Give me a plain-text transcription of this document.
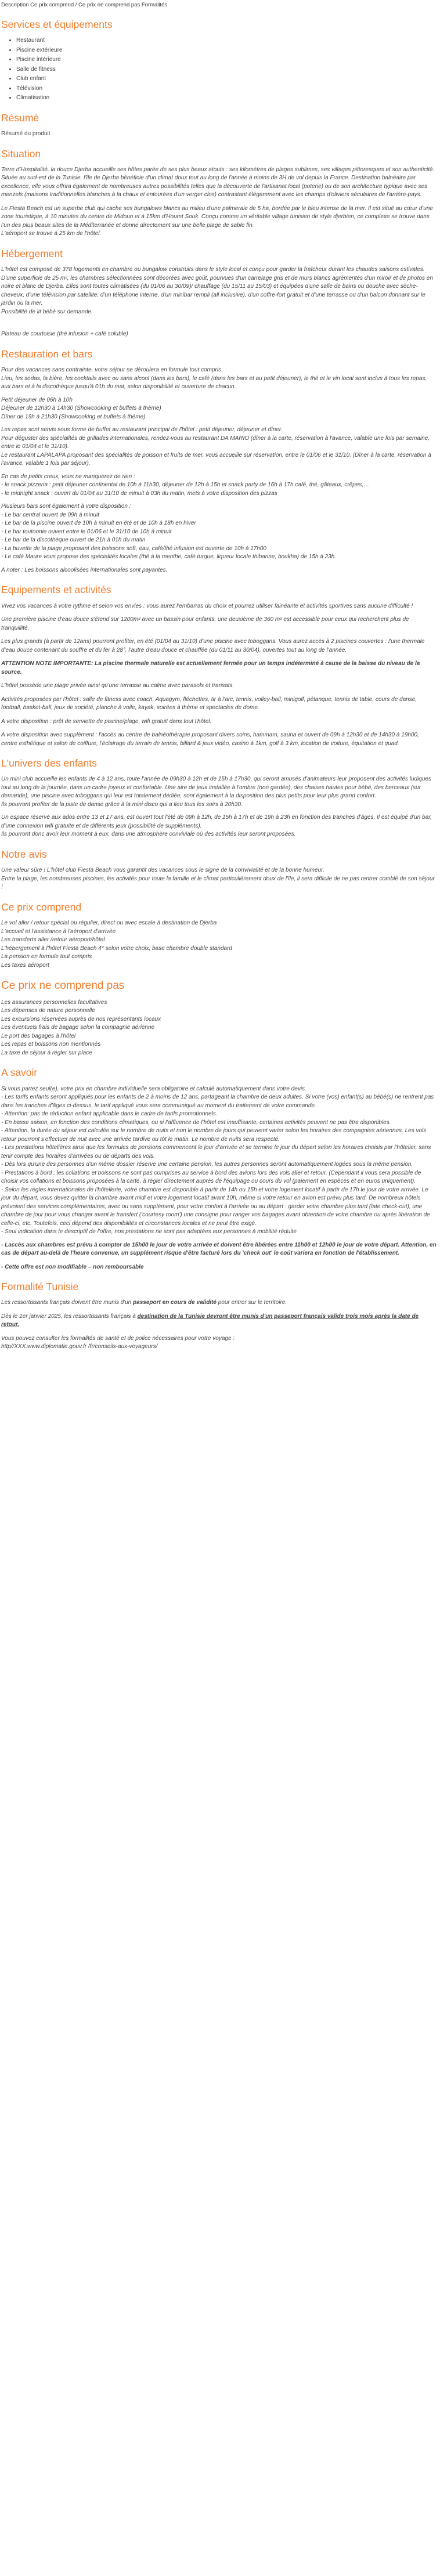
Description Ce prix comprend / Ce prix ne comprend pas Formalités

Services et équipements
• Restaurant
• Piscine extérieure
• Piscine intérieure
• Salle de fitness
• Club enfant
• Télévision
• Climatisation
Résumé

Résumé du produit

Situation

Terre d'Hospitalité, la douce Djerba accueille ses hôtes parée de ses plus beaux atouts : ses kilomètres de plages sublimes, ses villages pittoresques et son authenticité. Située au sud-est de la Tunisie, l'île de Djerba bénéficie d'un climat doux tout au long de l'année à moins de 3H de vol depuis la France. Destination balnéaire par excellence, elle vous offrira également de nombreuses autres possibilités telles que la découverte de l'artisanat local (poterie) ou de son architecture typique avec ses menzels (maisons traditionnelles blanches à la chaux et entourées d'un verger clos) contrastant élégamment avec les champs d'oliviers séculaires de l'arrière-pays.

Le Fiesta Beach est un superbe club qui cache ses bungalows blancs au milieu d'une palmeraie de 5 ha, bordée par le bleu intense de la mer. Il est situé au cœur d'une zone touristique, à 10 minutes du centre de Midoun et à 15km d'Houmt Souk. Conçu comme un véritable village tunisien de style djerbien, ce complexe se trouve dans l'un des plus beaux sites de la Méditerranée et donne directement sur une belle plage de sable fin.
L'aéroport se trouve à 25 km de l'hôtel.

Hébergement

L'hôtel est composé de 378 logements en chambre ou bungalow construits dans le style local et conçu pour garder la fraîcheur durant les chaudes saisons estivales. D'une superficie de 25 m², les chambres sélectionnées sont décorées avec goût, pourvues d'un carrelage gris et de murs blancs agrémentés d'un miroir et de photos en noire et blanc de Djerba. Elles sont toutes climatisées (du 01/06 au 30/09)/ chauffage (du 15/11 au 15/03) et équipées d'une salle de bains ou douche avec sèche-cheveux, d'une télévision par satellite, d'un téléphone interne, d'un minibar rempli (all inclusive), d'un coffre-fort gratuit et d'une terrasse ou d'un balcon donnant sur le jardin ou la mer.
Possibilité de lit bébé sur demande.

Plateau de courtoisie (thé infusion + café soluble)

Restauration et bars

Pour des vacances sans contrainte, votre séjour se déroulera en formule tout compris.
Lieu, les sodas, la bière, les cocktails avec ou sans alcool (dans les bars), le café (dans les bars et au petit déjeuner), le thé et le vin local sont inclus à tous les repas, aux bars et à la discothèque jusqu'à 01h du mat, selon disponibilité et ouverture de chacun.

Petit déjeuner de 06h à 10h
Déjeuner de 12h30 à 14h30 (Showcooking et buffets à thème)
Dîner de 19h à 21h30 (Showcooking et buffets à thème)

Les repas sont servis sous forme de buffet au restaurant principal de l'hôtel : petit déjeuner, déjeuner et dîner.
Pour déguster des spécialités de grillades internationales, rendez-vous au restaurant DA MARIO (dîner à la carte, réservation à l'avance, valable une fois par semaine, entre le 01/04 et le 31/10).
Le restaurant LAPALAPA proposant des spécialités de poisson et fruits de mer, vous accueille sur réservation, entre le 01/06 et le 31/10. (Dîner à la carte, réservation à l'avance, valable 1 fois par séjour).

En cas de petits creux, vous ne manquerez de rien :
- le snack pizzeria : petit déjeuner continental de 10h à 11h30, déjeuner de 12h à 15h et snack party de 16h à 17h café, thé, gâteaux, crêpes,…
- le midnight snack : ouvert du 01/04 au 31/10 de minuit à 03h du matin, mets à votre disposition des pizzas

Plusieurs bars sont également à votre disposition :
- Le bar central ouvert de 09h à minuit
- Le bar de la piscine ouvert de 10h à minuit en été et de 10h à 18h en hiver
- Le bar toutoonie ouvert entre le 01/06 et le 31/10 de 10h à minuit
- Le bar de la discothèque ouvert de 21h à 01h du matin
- La buvette de la plage proposant des boissons soft, eau, café/thé infusion est ouverte de 10h à 17h00
- Le café Maure vous propose des spécialités locales (thé à la menthe, café turque, liqueur locale thibarine, boukha) de 15h à 23h.

A noter : Les boissons alcoolisées internationales sont payantes.

Equipements et activités

Vivez vos vacances à votre rythme et selon vos envies : vous aurez l'embarras du choix et pourrez utiliser fainéante et activités sportives sans aucune difficulté !

Une première piscine d'eau douce s'étend sur 1200m² avec un bassin pour enfants, une deuxième de 360 m² est accessible pour ceux qui recherchent plus de tranquillité.

Les plus grands (à partir de 12ans) pourront profiter, en été (01/04 au 31/10) d'une piscine avec toboggans. Vous aurez accès à 2 piscines couvertes : l'une thermale d'eau douce contenant du souffre et du fer à 28°, l'autre d'eau douce et chauffée (du 01/11 au 30/04), ouvertes tout au long de l'année.

ATTENTION NOTE IMPORTANTE: La piscine thermale naturelle est actuellement fermée pour un temps indéterminé à cause de la baisse du niveau de la source.

L'hôtel possède une plage privée ainsi qu'une terrasse au calme avec parasols et transats.

Activités proposées par l'hôtel : salle de fitness avec coach, Aquagym, fléchettes, tir à l'arc, tennis, volley-ball, minigolf, pétanque, tennis de table, cours de danse, football, basket-ball, jeux de société, planche à voile, kayak, soirées à thème et spectacles de dome.

A votre disposition : prêt de serviette de piscine/plage, wifi gratuit dans tout l'hôtel.

A votre disposition avec supplément : l'accès au centre de balnéothérapie proposant divers soins, hammam, sauna et ouvert de 09h à 12h30 et de 14h30 à 19h00, centre esthétique et salon de coiffure, l'éclairage du terrain de tennis, billard & jeux vidéo, casino à 1km, golf à 3 km, location de voiture, équitation et quad.

L'univers des enfants

Un mini club accueille les enfants de 4 à 12 ans, toute l'année de 09h30 à 12h et de 15h à 17h30, qui seront amusés d'animateurs leur proposent des activités ludiques tout au long de la journée, dans un cadre joyeux et confortable. Une aire de jeux installée à l'ombre (non gardée), des chaises hautes pour bébé, des berceaux (sur demande), une piscine avec toboggans qui leur est totalement dédiée, sont également à la disposition des plus petits pour leur plus grand confort.
Ils pourront profiter de la piste de danse grâce à la mini disco qui a lieu tous les soirs à 20h30.

Un espace réservé aux ados entre 13 et 17 ans, est ouvert tout l'été de 09h à 12h, de 15h à 17h et de 19h à 23h en fonction des tranches d'âges. Il est équipé d'un bar, d'une connexion wifi gratuite et de différents jeux (possibilité de suppléments).
Ils pourront donc avoir leur moment à eux, dans une atmosphère conviviale où des activités leur seront proposées.

Notre avis

Une valeur sûre ! L'hôtel club Fiesta Beach vous garantit des vacances sous le signe de la convivialité et de la bonne humeur.
Entre la plage, les nombreuses piscines, les activités pour toute la famille et le climat particulièrement doux de l'île, il sera difficile de ne pas rentrer comblé de son séjour !

Ce prix comprend

Le vol aller / retour spécial ou régulier, direct ou avec escale à destination de Djerba
L'accueil et l'assistance à l'aéroport d'arrivée
Les transferts aller /retour aéroport/hôtel
L'hébergement à l'hôtel Fiesta Beach 4* selon votre choix, base chambre double standard
La pension en formule tout compris
Les taxes aéroport

Ce prix ne comprend pas

Les assurances personnelles facultatives
Les dépenses de nature personnelle
Les excursions réservées auprès de nos représentants locaux
Les éventuels frais de bagage selon la compagnie aérienne
Le port des bagages à l'hôtel
Les repas et boissons non mentionnés
La taxe de séjour à régler sur place

A savoir

Si vous partez seul(e), votre prix en chambre individuelle sera obligatoire et calculé automatiquement dans votre devis.
- Les tarifs enfants seront appliqués pour les enfants de 2 à moins de 12 ans, partageant la chambre de deux adultes. Si votre (vos) enfant(s) au bébé(s) ne rentrent pas dans les tranches d'âges ci-dessus, le tarif appliqué vous sera communiqué au moment du traitement de votre commande.
- Attention: pas de réduction enfant applicable dans le cadre de tarifs promotionnels.
- En basse saison, en fonction des conditions climatiques, ou si l'affluence de l'hôtel est insuffisante, certaines activités peuvent ne pas être disponibles.
- Attention, la durée du séjour est calculée sur le nombre de nuits et non le nombre de jours qui peuvent varier selon les horaires des compagnies aériennes. Les vols retour pourront s'effectuer de nuit avec une arrivée tardive ou tôt le matin. Le nombre de nuits sera respecté.
- Les prestations hôtelières ainsi que les formules de pensions commencent le jour d'arrivée et se termine le jour du départ selon les horaires choisis par l'hôtelier, sans tenir compte des horaires d'arrivées ou de départs des vols.
- Dès lors qu'une des personnes d'un même dossier réserve une certaine pension, les autres personnes seront automatiquement logées sous la même pension.
- Prestations à bord : les collations et boissons ne sont pas comprises au service à bord des avions lors des vols aller et retour. (Cependant il vous sera possible de choisir vos collations et boissons proposées à la carte, à régler directement auprès de l'équipage ou cours du vol (paiement en espèces et en euros uniquement).
- Selon les règles internationales de l'hôtellerie, votre chambre est disponible à partir de 14h ou 15h et votre logement locatif à partir de 17h le jour de votre arrivée. Le jour du départ, vous devez quitter la chambre avant midi et votre logement locatif avant 10h, même si votre retour en avion est prévu plus tard. De nombreux hôtels prévoient des services complémentaires, avec ou sans supplément, pour votre confort à l'arrivée ou au départ : garder votre chambre plus tard (late check-out), une chambre de jour pour vous changer avant le transfert ('courtesy room') une consigne pour ranger vos bagages avant obtention de votre chambre ou après libération de celle-ci, etc. Toutefois, ceci dépend des disponibilités et circonstances locales et ne peut être exigé.
- Seul indication dans le descriptif de l'offre, nos prestations ne sont pas adaptées aux personnes à mobilité réduite

- Laccès aux chambres est prévu à compter de 15h00 le jour de votre arrivée et doivent être libérées entre 11h00 et 12h00 le jour de votre départ. Attention, en cas de départ au-delà de l'heure convenue, un supplément risque d'être facturé lors du 'check out' le coût variera en fonction de l'établissement.

- Cette offre est non modifiable – non remboursable

Formalité Tunisie

Les ressortissants français doivent être munis d'un passeport en cours de validité pour entrer sur le territoire.

Dès le 1er janvier 2025, les ressortissants français à destination de la Tunisie devront être munis d'un passeport français valide trois mois après la date de retour.

Vous pouvez consulter les formalités de santé et de police nécessaires pour votre voyage :
http//XXX.www.diplomatie.gouv.fr /fr/conseils-aux-voyageurs/
